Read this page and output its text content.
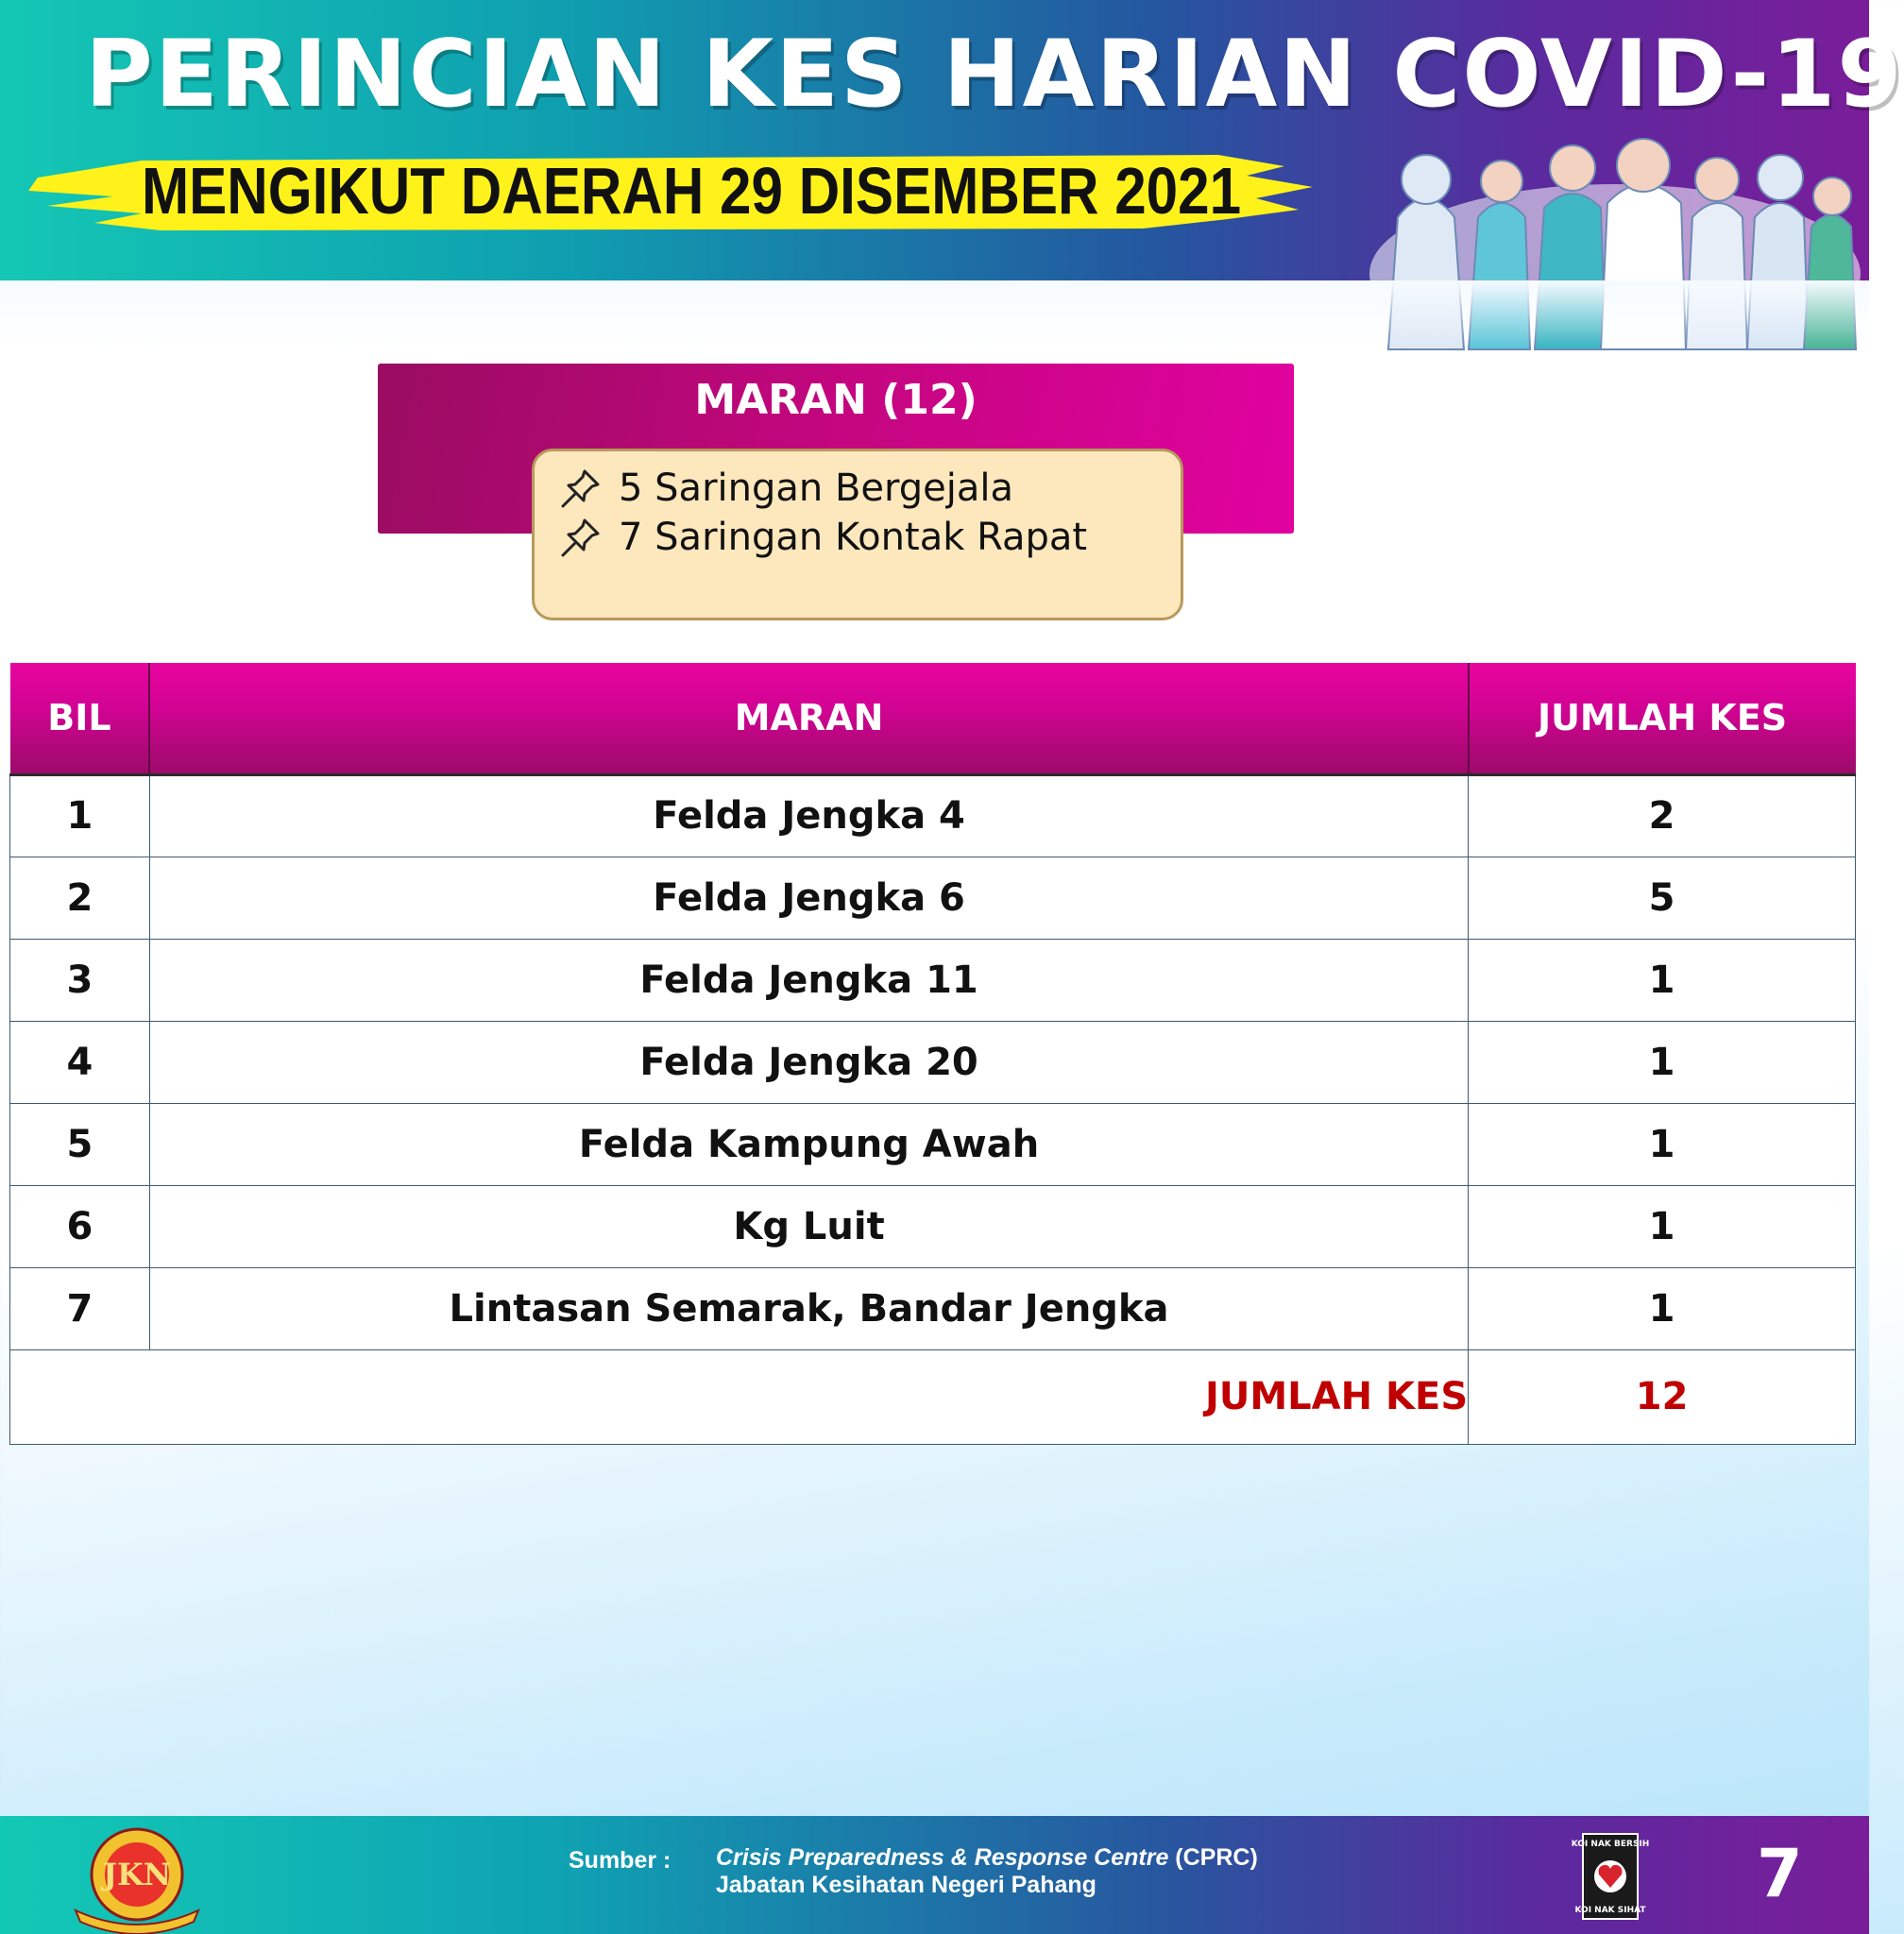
PERINCIAN KES HARIAN COVID-19
MENGIKUT DAERAH 29 DISEMBER 2021
MARAN (12)
5 Saringan Bergejala
7 Saringan Kontak Rapat
BIL	MARAN	JUMLAH KES
1	Felda Jengka 4	2
2	Felda Jengka 6	5
3	Felda Jengka 11	1
4	Felda Jengka 20	1
5	Felda Kampung Awah	1
6	Kg Luit	1
7	Lintasan Semarak, Bandar Jengka	1
JUMLAH KES		12
JKN	Sumber : Crisis Preparedness & Response Centre (CPRC)
Jabatan Kesihatan Negeri Pahang
KOI NAK BERSIH
KOI NAK SIHAT 7
